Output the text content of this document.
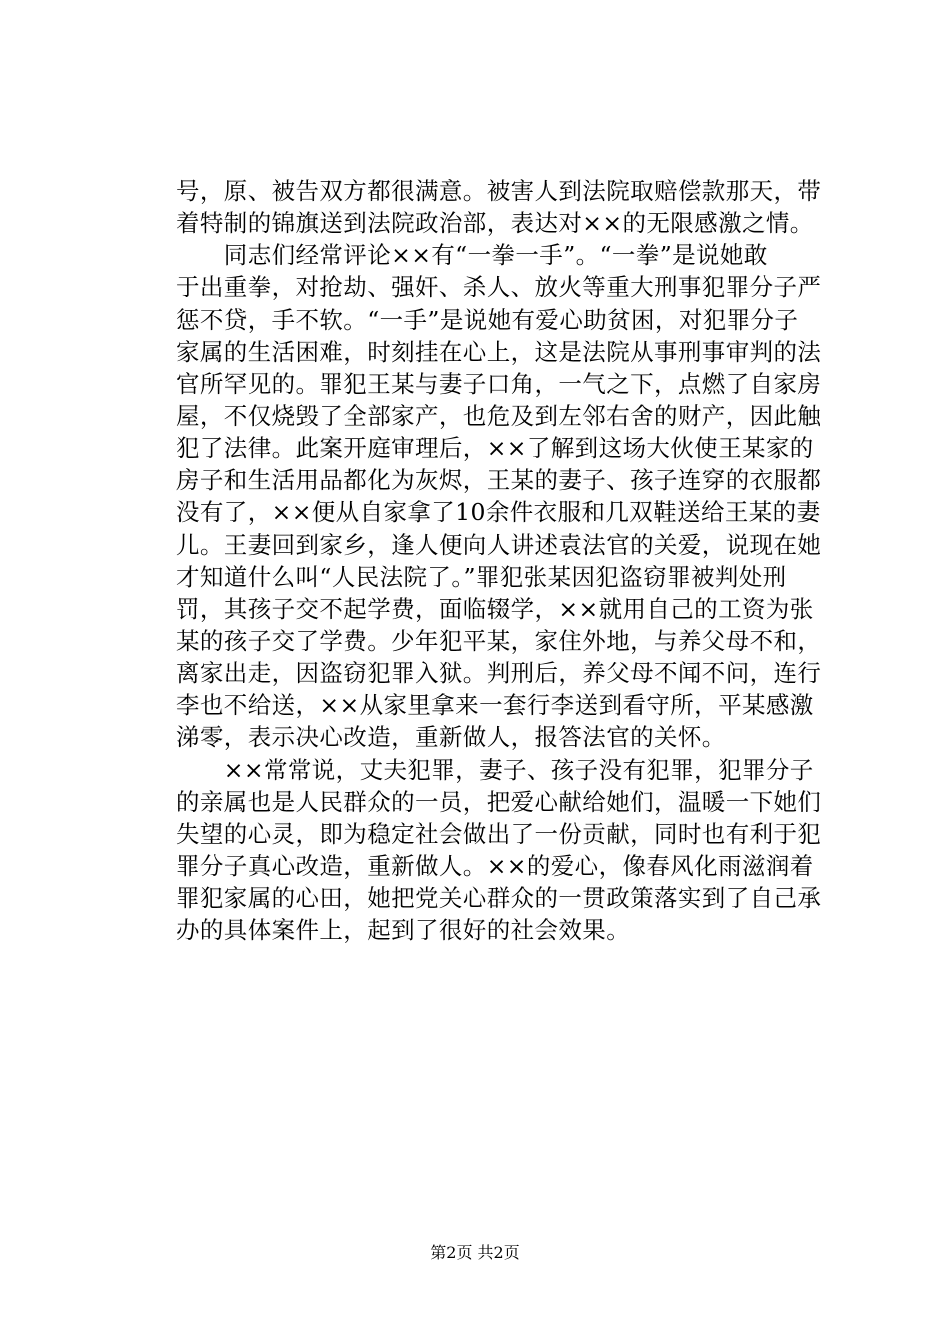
号，原、被告双方都很满意。被害人到法院取赔偿款那天，带
着特制的锦旗送到法院政治部，表达对××的无限感激之情。
　　同志们经常评论××有“一拳一手”。“一拳”是说她敢
于出重拳，对抢劫、强奸、杀人、放火等重大刑事犯罪分子严
惩不贷，手不软。“一手”是说她有爱心助贫困，对犯罪分子
家属的生活困难，时刻挂在心上，这是法院从事刑事审判的法
官所罕见的。罪犯王某与妻子口角，一气之下，点燃了自家房
屋，不仅烧毁了全部家产，也危及到左邻右舍的财产，因此触
犯了法律。此案开庭审理后，××了解到这场大伙使王某家的
房子和生活用品都化为灰烬，王某的妻子、孩子连穿的衣服都
没有了，××便从自家拿了10余件衣服和几双鞋送给王某的妻
儿。王妻回到家乡，逢人便向人讲述袁法官的关爱，说现在她
才知道什么叫“人民法院了。”罪犯张某因犯盗窃罪被判处刑
罚，其孩子交不起学费，面临辍学，××就用自己的工资为张
某的孩子交了学费。少年犯平某，家住外地，与养父母不和，
离家出走，因盗窃犯罪入狱。判刑后，养父母不闻不问，连行
李也不给送，××从家里拿来一套行李送到看守所，平某感激
涕零，表示决心改造，重新做人，报答法官的关怀。
　　××常常说，丈夫犯罪，妻子、孩子没有犯罪，犯罪分子
的亲属也是人民群众的一员，把爱心献给她们，温暖一下她们
失望的心灵，即为稳定社会做出了一份贡献，同时也有利于犯
罪分子真心改造，重新做人。××的爱心，像春风化雨滋润着
罪犯家属的心田，她把党关心群众的一贯政策落实到了自己承
办的具体案件上，起到了很好的社会效果。
第2页 共2页
